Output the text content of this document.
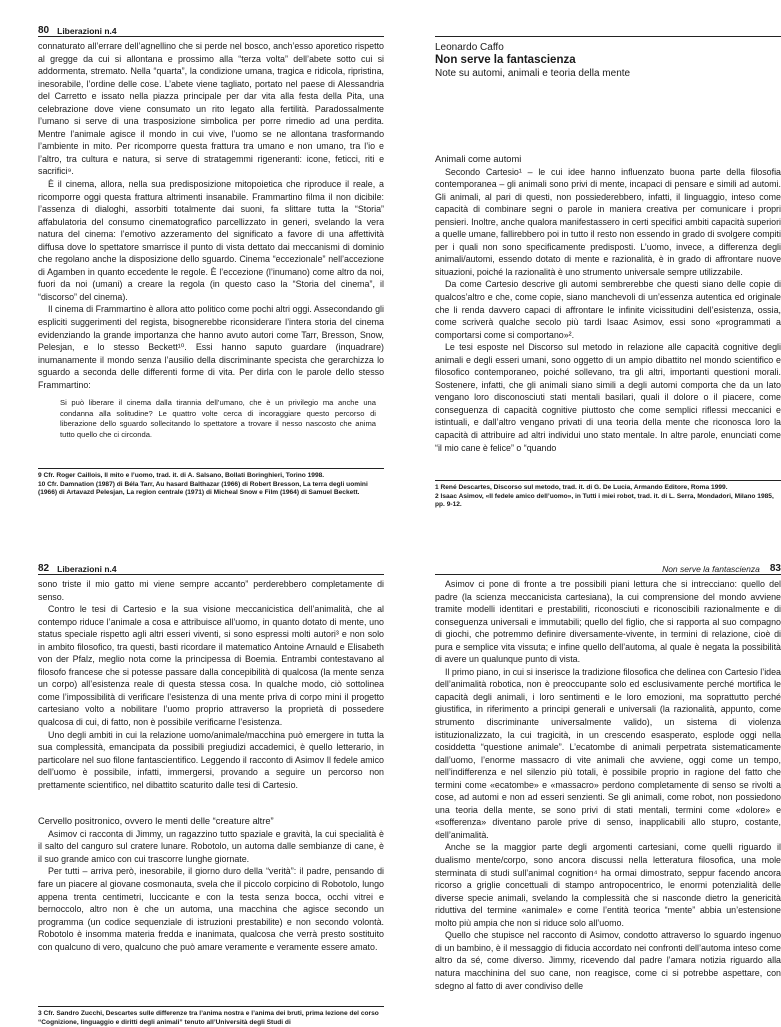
80 Liberazioni n.4

connaturato all’errare dell’agnellino che si perde nel bosco, anch’esso aporetico rispetto al gregge da cui si allontana e prossimo alla “terza volta” dell’abete sotto cui si addormenta, stremato. Nella “quarta”, la condizione umana, tragica e ridicola, ripristina, inesorabile, l’ordine delle cose. L’abete viene tagliato, portato nel paese di Alessandria del Carretto e issato nella piazza principale per dar vita alla festa della Pita, una celebrazione dove viene consumato un rito legato alla fertilità. Paradossalmente l’umano si serve di una trasposizione simbolica per porre rimedio ad una perdita. Mentre l’animale agisce il mondo in cui vive, l’uomo se ne allontana trasformando l’ambiente in mito. Per ricomporre questa frattura tra umano e non umano, tra l’io e l’altro, tra cultura e natura, si serve di stratagemmi rigeneranti: icone, feticci, riti e sacrifici⁹.

È il cinema, allora, nella sua predisposizione mitopoietica che riproduce il reale, a ricomporre oggi questa frattura altrimenti insanabile. Frammartino filma il non dicibile: l’assenza di dialoghi, assorbiti totalmente dai suoni, fa slittare tutta la “Storia” affabulatoria del consumo cinematografico parcellizzato in generi, svelando la vera natura del cinema: l’emotivo azzeramento del significato a favore di una affettività diffusa dove lo spettatore smarrisce il punto di vista dettato dai meccanismi di dominio che regolano anche la disposizione dello sguardo. Cinema “eccezionale” nell’accezione di Agamben in quanto eccedente le regole. È l’eccezione (l’inumano) come altro da noi, fuori da noi (umani) a creare la regola (in questo caso la “Storia del cinema”, il “discorso” del cinema).

Il cinema di Frammartino è allora atto politico come pochi altri oggi. Assecondando gli espliciti suggerimenti del regista, bisognerebbe riconsiderare l’intera storia del cinema evidenziando la grande importanza che hanno avuto autori come Tarr, Bresson, Snow, Pelesjan, e lo stesso Beckett¹⁰. Essi hanno saputo guardare (inquadrare) inumanamente il mondo senza l’ausilio della discriminante specista che gerarchizza lo sguardo a seconda delle differenti forme di vita. Per dirla con le parole dello stesso Frammartino:

Si può liberare il cinema dalla tirannia dell’umano, che è un privilegio ma anche una condanna alla solitudine? Le quattro volte cerca di incoraggiare questo percorso di liberazione dello sguardo sollecitando lo spettatore a trovare il nesso nascosto che anima tutto quello che ci circonda.
9 Cfr. Roger Caillois, Il mito e l’uomo, trad. it. di A. Salsano, Bollati Boringhieri, Torino 1998.
10 Cfr. Damnation (1987) di Béla Tarr, Au hasard Balthazar (1966) di Robert Bresson, La terra degli uomini (1966) di Artavazd Pelesjan, La region centrale (1971) di Micheal Snow e Film (1964) di Samuel Beckett.
Leonardo Caffo
Non serve la fantascienza
Note su automi, animali e teoria della mente

Animali come automi

Secondo Cartesio¹ – le cui idee hanno influenzato buona parte della filosofia contemporanea – gli animali sono privi di mente, incapaci di pensare e simili ad automi. Gli animali, al pari di questi, non possiederebbero, infatti, il linguaggio, inteso come capacità di combinare segni o parole in maniera creativa per comunicare i propri pensieri. Inoltre, anche qualora manifestassero in certi specifici ambiti capacità superiori a quelle umane, fallirebbero poi in tutto il resto non essendo in grado di svolgere compiti per i quali non sono specificamente predisposti. L’uomo, invece, a differenza degli animali/automi, essendo dotato di mente e razionalità, è in grado di affrontare nuove situazioni, poiché la razionalità è uno strumento universale sempre utilizzabile.

Da come Cartesio descrive gli automi sembrerebbe che questi siano delle copie di qualcos’altro e che, come copie, siano manchevoli di un’essenza autentica ed originale che li renda davvero capaci di affrontare le infinite vicissitudini dell’esistenza, ossia, come scriverà qualche secolo più tardi Isaac Asimov, essi sono «programmati a comportarsi come si comportano»².

Le tesi esposte nel Discorso sul metodo in relazione alle capacità cognitive degli animali e degli esseri umani, sono oggetto di un ampio dibattito nel mondo scientifico e filosofico contemporaneo, poiché sollevano, tra gli altri, importanti questioni morali. Sostenere, infatti, che gli animali siano simili a degli automi comporta che da un lato vengano loro disconosciuti stati mentali basilari, quali il dolore o il piacere, come conseguenza di capacità cognitive piuttosto che come semplici riflessi meccanici e istintuali, e dall’altro vengano privati di una teoria della mente che riconosca loro la capacità di attribuire ad altri individui uno stato mentale. In altre parole, enunciati come “il mio cane è felice” o “quando

1 René Descartes, Discorso sul metodo, trad. it. di G. De Lucia, Armando Editore, Roma 1999.
2 Isaac Asimov, «Il fedele amico dell’uomo», in Tutti i miei robot, trad. it. di L. Serra, Mondadori, Milano 1985, pp. 9-12.
82 Liberazioni n.4

sono triste il mio gatto mi viene sempre accanto” perderebbero completamente di senso.

Contro le tesi di Cartesio e la sua visione meccanicistica dell’animalità, che al contempo riduce l’animale a cosa e attribuisce all’uomo, in quanto dotato di mente, uno status speciale rispetto agli altri esseri viventi, si sono espressi molti autori³ e non solo in ambito filosofico, tra questi, basti ricordare il matematico Antoine Arnauld e Elisabeth von der Pfalz, meglio nota come la principessa di Boemia. Entrambi contestavano al filosofo francese che si potesse passare dalla concepibilità di qualcosa (la mente senza un corpo) all’esistenza reale di questa stessa cosa. In qualche modo, ciò sottolinea come l’impossibilità di verificare l’esistenza di una mente priva di corpo mini il progetto cartesiano volto a nobilitare l’uomo proprio attraverso la proprietà di possedere qualcosa di cui, di fatto, non è possibile verificarne l’esistenza.

Uno degli ambiti in cui la relazione uomo/animale/macchina può emergere in tutta la sua complessità, emancipata da possibili pregiudizi accademici, è quello letterario, in particolare nel suo filone fantascientifico. Leggendo il racconto di Asimov Il fedele amico dell’uomo è possibile, infatti, immergersi, provando a seguire un percorso non prettamente scientifico, nel dibattito scaturito dalle tesi di Cartesio.

Cervello positronico, ovvero le menti delle “creature altre”

Asimov ci racconta di Jimmy, un ragazzino tutto spaziale e gravità, la cui specialità è il salto del canguro sul cratere lunare. Robotolo, un automa dalle sembianze di cane, è il suo grande amico con cui trascorre lunghe giornate.

Per tutti – arriva però, inesorabile, il giorno duro della “verità”: il padre, pensando di fare un piacere al giovane cosmonauta, svela che il piccolo corpicino di Robotolo, lungo appena trenta centimetri, luccicante e con la testa senza bocca, occhi vitrei e bernoccolo, altro non è che un automa, una macchina che agisce secondo un programma (un codice sequenziale di istruzioni prestabilite) e non secondo volontà. Robotolo è insomma materia fredda e inanimata, qualcosa che verrà presto sostituito con qualcuno di vero, qualcuno che può amare veramente e veramente essere amato.

3 Cfr. Sandro Zucchi, Descartes sulle differenze tra l’anima nostra e l’anima dei bruti, prima lezione del corso “Cognizione, linguaggio e diritti degli animali” tenuto all’Università degli Studi di
Non serve la fantascienza 83

Asimov ci pone di fronte a tre possibili piani lettura che si intrecciano: quello del padre (la scienza meccanicista cartesiana), la cui comprensione del mondo avviene tramite modelli identitari e prestabiliti, riconosciuti e riconoscibili razionalmente e di conseguenza universali e immutabili; quello del figlio, che si rapporta al suo compagno di giochi, che potremmo definire diversamente-vivente, in termini di relazione, cioè di pura e semplice vita vissuta; e infine quello dell’automa, al quale è negata la possibilità di avere un qualunque punto di vista.

Il primo piano, in cui si inserisce la tradizione filosofica che delinea con Cartesio l’idea dell’animalità robotica, non è preoccupante solo ed esclusivamente perché mortifica le capacità degli animali, i loro sentimenti e le loro emozioni, ma soprattutto perché giustifica, in riferimento a principi generali e universali (la razionalità, appunto, come strumento discriminante universalmente valido), un sistema di violenza istituzionalizzato, la cui tragicità, in un crescendo esasperato, esplode oggi nella cosiddetta “questione animale”. L’ecatombe di animali perpetrata sistematicamente dall’uomo, l’enorme massacro di vite animali che avviene, oggi come un tempo, nell’indifferenza e nel silenzio più totali, è possibile proprio in ragione del fatto che termini come «ecatombe» e «massacro» perdono completamente di senso se rivolti a cose, ad automi e non ad esseri senzienti. Se gli animali, come robot, non possiedono una teoria della mente, se sono privi di stati mentali, termini come «dolore» e «sofferenza» diventano parole prive di senso, inapplicabili allo stupro, costante, dell’animalità.

Anche se la maggior parte degli argomenti cartesiani, come quelli riguardo il dualismo mente/corpo, sono ancora discussi nella letteratura filosofica, una mole sterminata di studi sull’animal cognition⁴ ha ormai dimostrato, seppur facendo ancora ricorso a griglie concettuali di stampo antropocentrico, le enormi potenzialità delle diverse specie animali, svelando la complessità che si nasconde dietro la genericità riduttiva del termine «animale» e come l’entità teorica “mente” abbia un’estensione molto più ampia che non si riduce solo all’uomo.

Quello che stupisce nel racconto di Asimov, condotto attraverso lo sguardo ingenuo di un bambino, è il messaggio di fiducia accordato nei confronti dell’automa inteso come altro da sé, come diverso. Jimmy, ricevendo dal padre l’amara notizia riguardo alla natura macchinina del suo cane, non reagisce, come ci si potrebbe aspettare, con sdegno al fatto di aver condiviso delle
